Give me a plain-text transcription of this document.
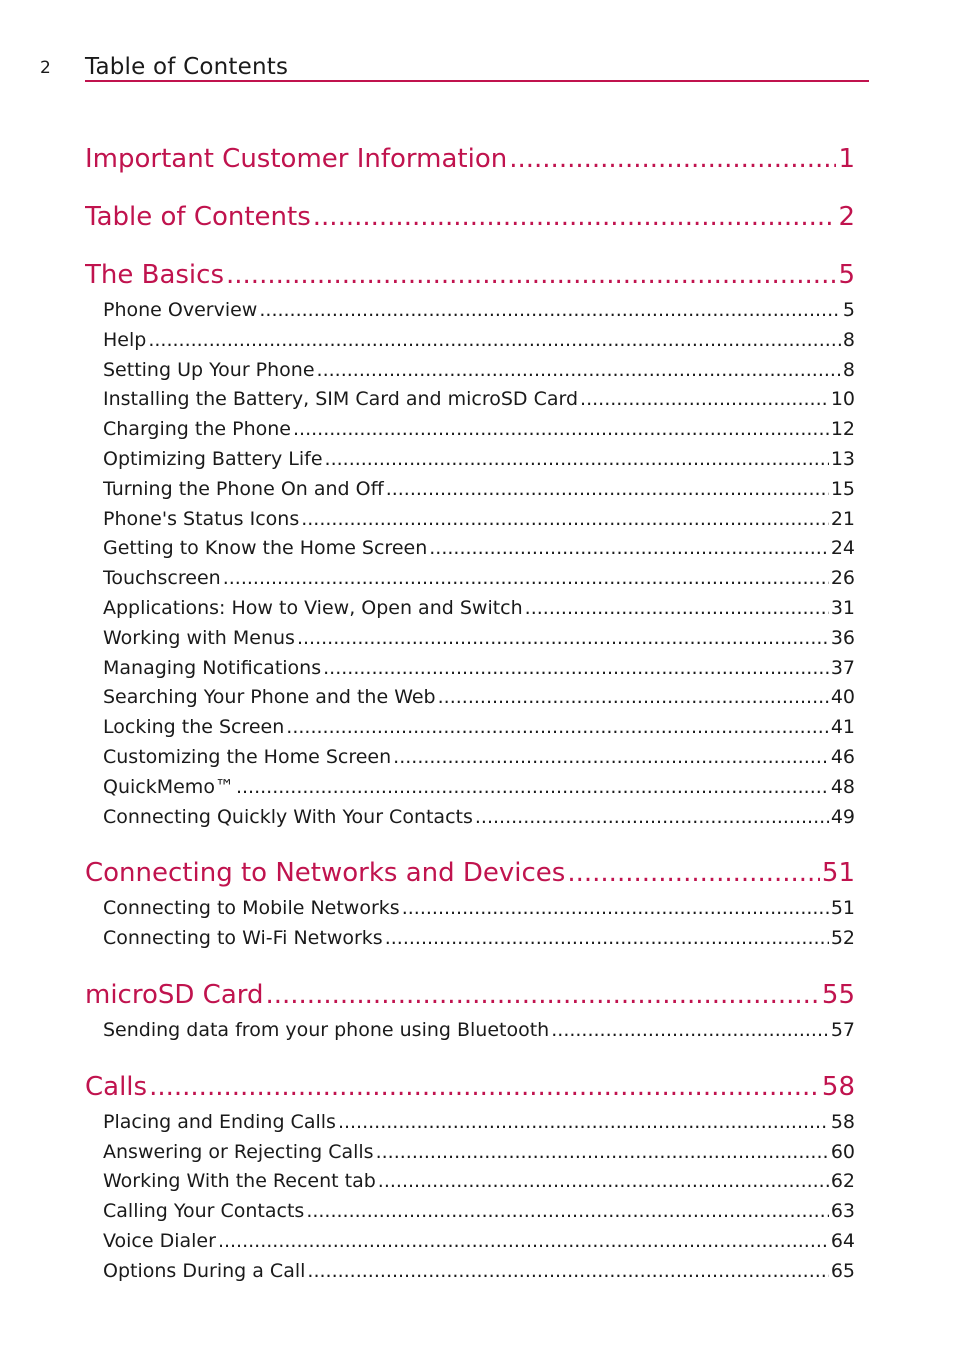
2 Table of Contents
Important Customer Information .....	1
Table of Contents .....	2
The Basics .....	5
Phone Overview .....	5
Help .....	8
Setting Up Your Phone .....	8
Installing the Battery, SIM Card and microSD Card .....	10
Charging the Phone .....	12
Optimizing Battery Life .....	13
Turning the Phone On and Off .....	15
Phone's Status Icons .....	21
Getting to Know the Home Screen .....	24
Touchscreen .....	26
Applications: How to View, Open and Switch .....	31
Working with Menus .....	36
Managing Notifications .....	37
Searching Your Phone and the Web .....	40
Locking the Screen .....	41
Customizing the Home Screen .....	46
QuickMemo™ .....	48
Connecting Quickly With Your Contacts .....	49
Connecting to Networks and Devices .....	51
Connecting to Mobile Networks .....	51
Connecting to Wi-Fi Networks .....	52
microSD Card .....	55
Sending data from your phone using Bluetooth .....	57
Calls .....	58
Placing and Ending Calls .....	58
Answering or Rejecting Calls .....	60
Working With the Recent tab .....	62
Calling Your Contacts .....	63
Voice Dialer .....	64
Options During a Call .....	65
